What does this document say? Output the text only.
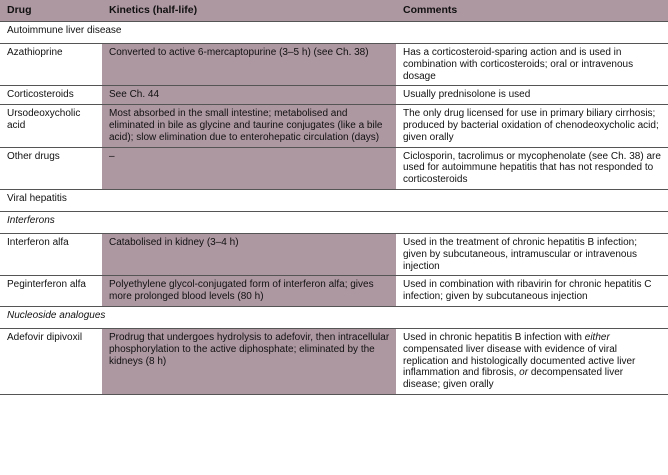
Drug	Kinetics (half-life)	Comments
Autoimmune liver disease		
Azathioprine	Converted to active 6-mercaptopurine (3–5 h) (see Ch. 38)	Has a corticosteroid-sparing action and is used in combination with corticosteroids; oral or intravenous dosage
Corticosteroids	See Ch. 44	Usually prednisolone is used
Ursodeoxycholic acid	Most absorbed in the small intestine; metabolised and eliminated in bile as glycine and taurine conjugates (like a bile acid); slow elimination due to enterohepatic circulation (days)	The only drug licensed for use in primary biliary cirrhosis; produced by bacterial oxidation of chenodeoxycholic acid; given orally
Other drugs	–	Ciclosporin, tacrolimus or mycophenolate (see Ch. 38) are used for autoimmune hepatitis that has not responded to corticosteroids
Viral hepatitis		
Interferons		
Interferon alfa	Catabolised in kidney (3–4 h)	Used in the treatment of chronic hepatitis B infection; given by subcutaneous, intramuscular or intravenous injection
Peginterferon alfa	Polyethylene glycol-conjugated form of interferon alfa; gives more prolonged blood levels (80 h)	Used in combination with ribavirin for chronic hepatitis C infection; given by subcutaneous injection
Nucleoside analogues		
Adefovir dipivoxil	Prodrug that undergoes hydrolysis to adefovir, then intracellular phosphorylation to the active diphosphate; eliminated by the kidneys (8 h)	Used in chronic hepatitis B infection with either compensated liver disease with evidence of viral replication and histologically documented active liver inflammation and fibrosis, or decompensated liver disease; given orally
